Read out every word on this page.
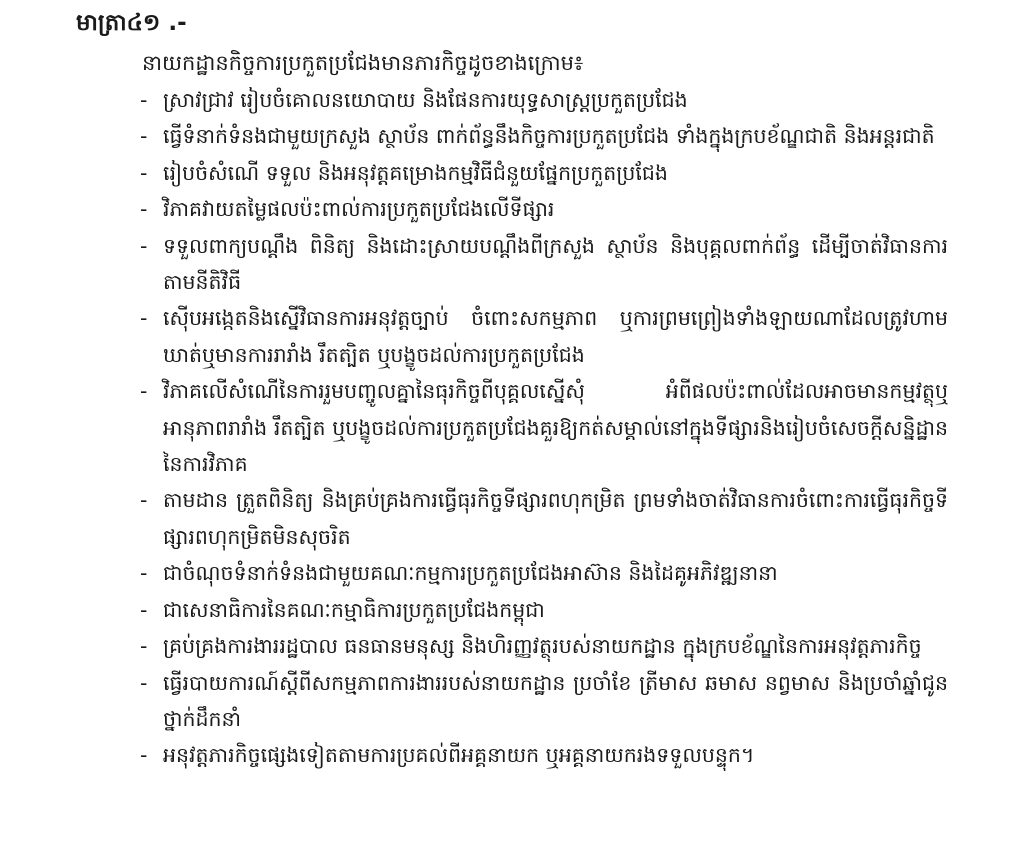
មាត្រា៤១ .-
នាយកដ្ឋានកិច្ចការប្រកួតប្រជែងមានភារកិច្ចដូចខាងក្រោម៖
- ស្រាវជ្រាវ រៀបចំគោលនយោបាយ និងផែនការយុទ្ធសាស្ត្រប្រកួតប្រជែង
- ធ្វើទំនាក់ទំនងជាមួយក្រសួង ស្ថាប័ន ពាក់ព័ន្ធនឹងកិច្ចការប្រកួតប្រជែង ទាំងក្នុងក្របខ័ណ្ឌជាតិ និងអន្តរជាតិ
- រៀបចំសំណើ ទទួល និងអនុវត្តគម្រោងកម្មវិធីជំនួយផ្នែកប្រកួតប្រជែង
- វិភាគវាយតម្លៃផលប៉ះពាល់ការប្រកួតប្រជែងលើទីផ្សារ
- ទទួលពាក្យបណ្តឹង ពិនិត្យ និងដោះស្រាយបណ្តឹងពីក្រសួង ស្ថាប័ន និងបុគ្គលពាក់ព័ន្ធ ដើម្បីចាត់វិធានការតាមនីតិវិធី
- ស៊ើបអង្កេតនិងស្នើវិធានការអនុវត្តច្បាប់ ចំពោះសកម្មភាព ឬការព្រមព្រៀងទាំងឡាយណាដែលត្រូវហាមឃាត់ឬមានការរារាំង រឹតត្បិត ឬបង្ខូចដល់ការប្រកួតប្រជែង
- វិភាគលើសំណើនៃការរួមបញ្ចូលគ្នានៃធុរកិច្ចពីបុគ្គលស្នើសុំ អំពីផលប៉ះពាល់ដែលអាចមានកម្មវត្ថុឬអានុភាពរារាំង រឹតត្បិត ឬបង្ខូចដល់ការប្រកួតប្រជែងគួរឱ្យកត់សម្គាល់នៅក្នុងទីផ្សារនិងរៀបចំសេចក្តីសន្និដ្ឋាននៃការវិភាគ
- តាមដាន ត្រួតពិនិត្យ និងគ្រប់គ្រងការធ្វើធុរកិច្ចទីផ្សារពហុកម្រិត ព្រមទាំងចាត់វិធានការចំពោះការធ្វើធុរកិច្ចទីផ្សារពហុកម្រិតមិនសុចរិត
- ជាចំណុចទំនាក់ទំនងជាមួយគណៈកម្មការប្រកួតប្រជែងអាស៊ាន និងដៃគូអភិវឌ្ឍនានា
- ជាសេនាធិការនៃគណៈកម្មាធិការប្រកួតប្រជែងកម្ពុជា
- គ្រប់គ្រងការងាររដ្ឋបាល ធនធានមនុស្ស និងហិរញ្ញវត្ថុរបស់នាយកដ្ឋាន ក្នុងក្របខ័ណ្ឌនៃការអនុវត្តភារកិច្ច
- ធ្វើរបាយការណ៍ស្តីពីសកម្មភាពការងាររបស់នាយកដ្ឋាន ប្រចាំខែ ត្រីមាស ឆមាស នព្វមាស និងប្រចាំឆ្នាំជូនថ្នាក់ដឹកនាំ
- អនុវត្តភារកិច្ចផ្សេងទៀតតាមការប្រគល់ពីអគ្គនាយក ឬអគ្គនាយករងទទួលបន្ទុក។
